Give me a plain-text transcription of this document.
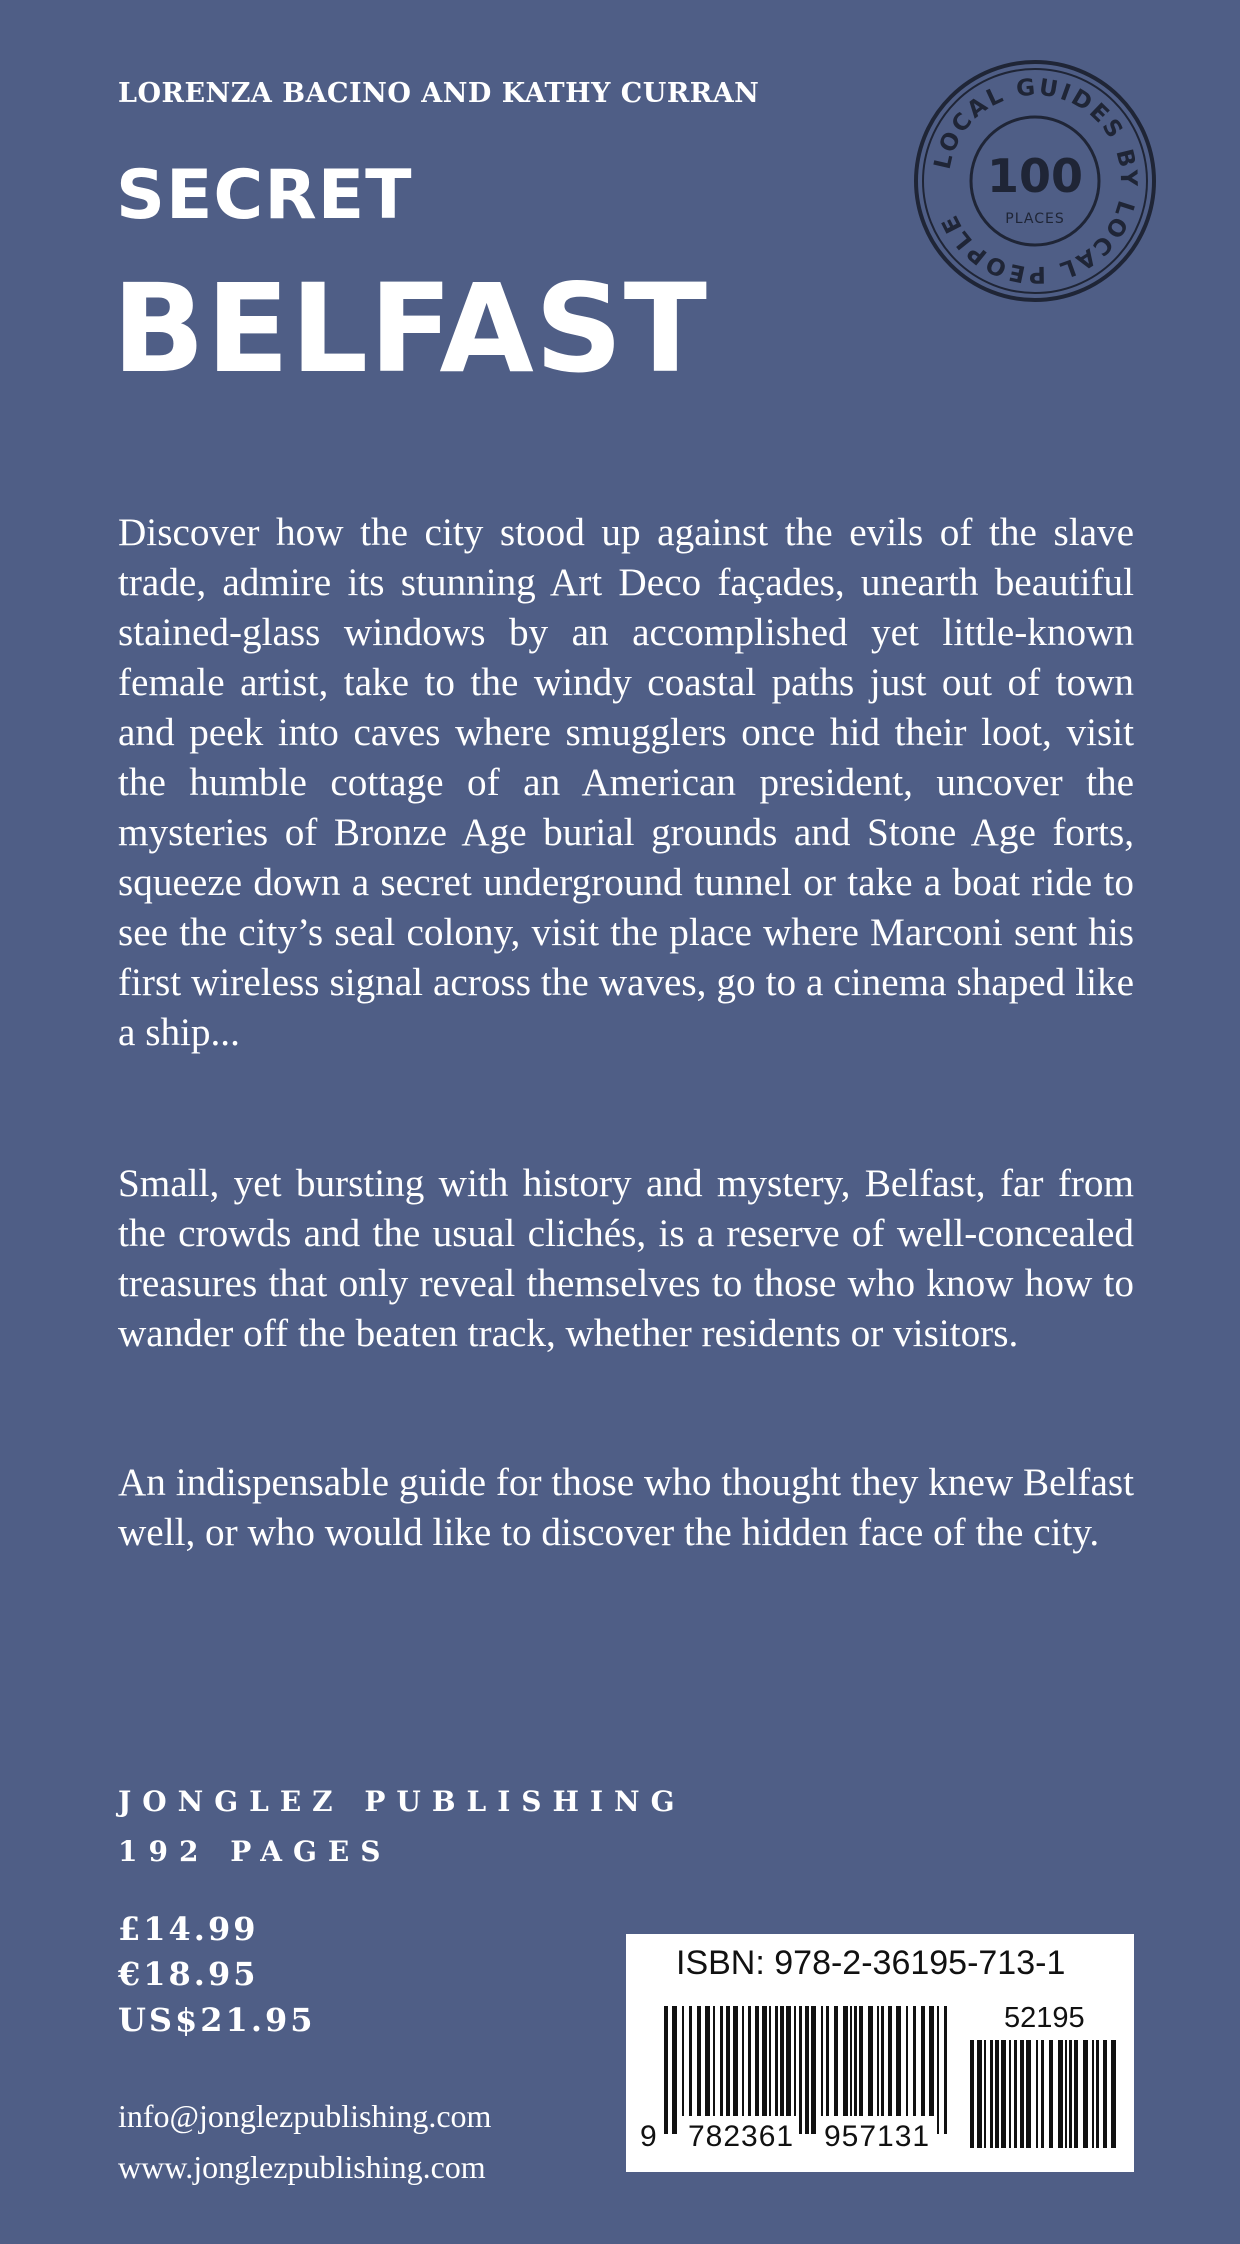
LORENZA BACINO AND KATHY CURRAN
SECRET
BELFAST
LOCAL GUIDES BY LOCAL PEOPLE
100
PLACES
Discover how the city stood up against the evils of the slave trade, admire its stunning Art Deco façades, unearth beautiful stained-glass windows by an accomplished yet little-known female artist, take to the windy coastal paths just out of town and peek into caves where smugglers once hid their loot, visit the humble cottage of an American president, uncover the mysteries of Bronze Age burial grounds and Stone Age forts, squeeze down a secret underground tunnel or take a boat ride to see the city’s seal colony, visit the place where Marconi sent his first wireless signal across the waves, go to a cinema shaped like a ship...
Small, yet bursting with history and mystery, Belfast, far from the crowds and the usual clichés, is a reserve of well-concealed treasures that only reveal themselves to those who know how to wander off the beaten track, whether residents or visitors.
An indispensable guide for those who thought they knew Belfast well, or who would like to discover the hidden face of the city.
JONGLEZ PUBLISHING
192 PAGES
£14.99
€18.95
US$21.95
info@jonglezpublishing.com
www.jonglezpublishing.com
ISBN: 978-2-36195-713-1
52195
9 782361 957131
